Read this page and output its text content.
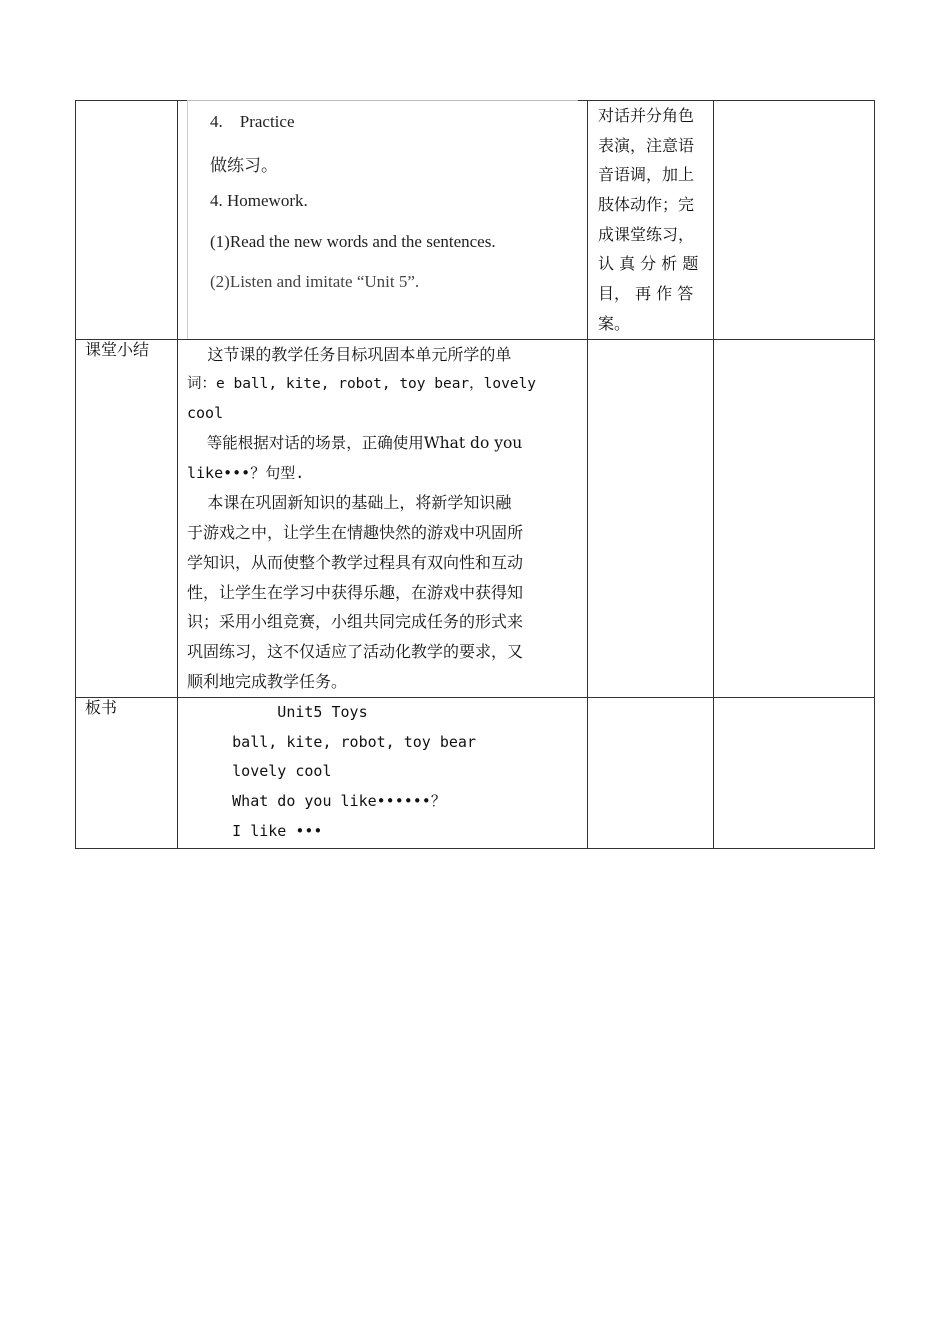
4.    Practice
做练习。
4. Homework.
(1)Read the new words and the sentences.
(2)Listen and imitate “Unit 5”.
对话并分角色
表演，注意语
音语调，加上
肢体动作；完
成课堂练习，
认 真 分 析 题
目， 再 作 答
案。
课堂小结 这节课的教学任务目标巩固本单元所学的单
词：e ball, kite, robot, toy bear，lovely
cool
等能根据对话的场景，正确使用What do you
like•••？句型.
本课在巩固新知识的基础上，将新学知识融
于游戏之中，让学生在情趣快然的游戏中巩固所
学知识，从而使整个教学过程具有双向性和互动
性，让学生在学习中获得乐趣，在游戏中获得知
识；采用小组竞赛，小组共同完成任务的形式来
巩固练习，这不仅适应了活动化教学的要求，又
顺利地完成教学任务。
板书	Unit5 Toys
ball, kite, robot, toy bear
lovely cool
What do you like••••••？
I like •••
